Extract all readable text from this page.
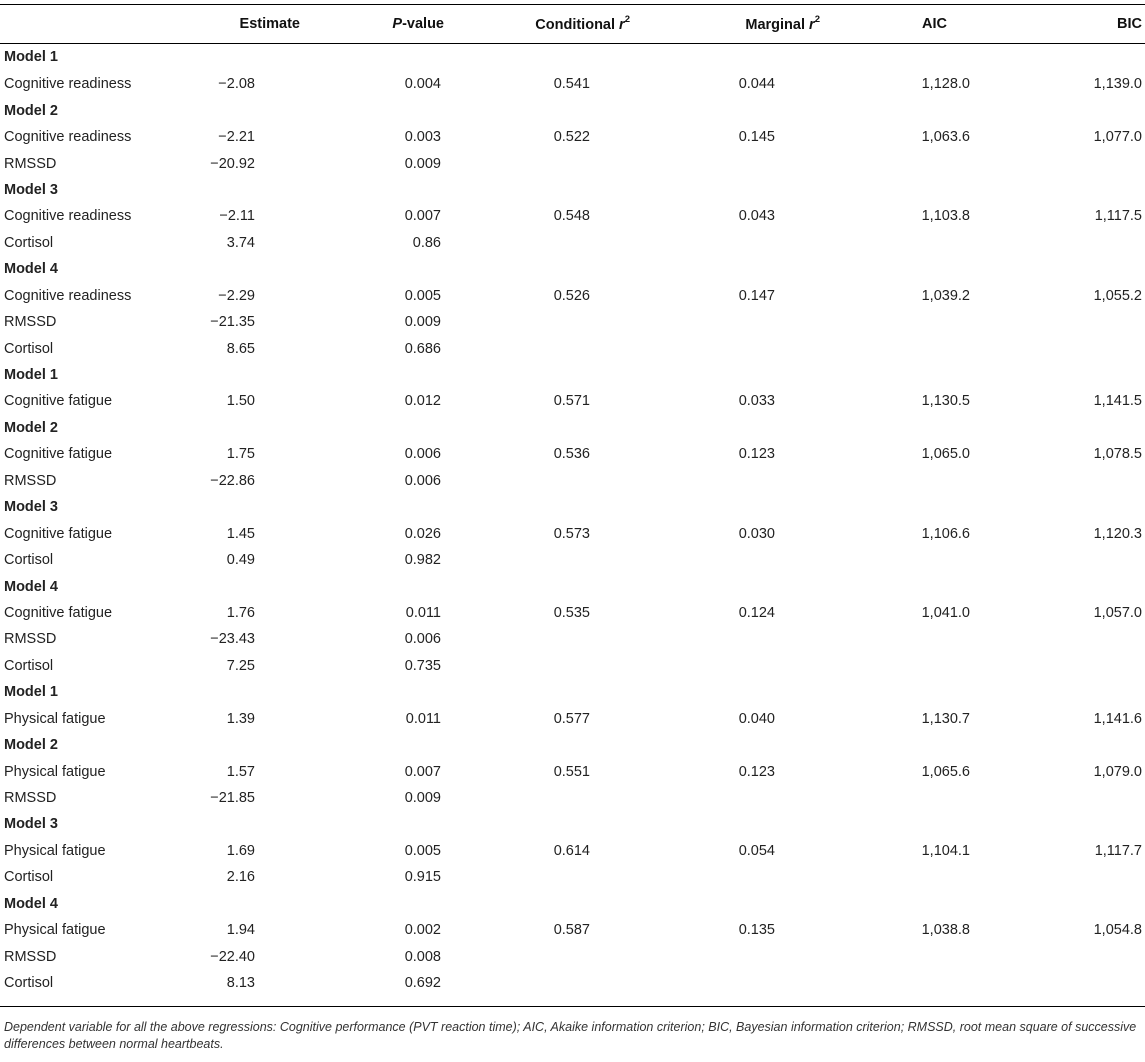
	Estimate	P-value	Conditional $r^2$	Marginal $r^2$	AIC	BIC
Model 1						
Cognitive readiness	−2.08	0.004	0.541	0.044	1,128.0	1,139.0
Model 2						
Cognitive readiness	−2.21	0.003	0.522	0.145	1,063.6	1,077.0
RMSSD	−20.92	0.009				
Model 3						
Cognitive readiness	−2.11	0.007	0.548	0.043	1,103.8	1,117.5
Cortisol	3.74	0.86				
Model 4						
Cognitive readiness	−2.29	0.005	0.526	0.147	1,039.2	1,055.2
RMSSD	−21.35	0.009				
Cortisol	8.65	0.686				
Model 1						
Cognitive fatigue	1.50	0.012	0.571	0.033	1,130.5	1,141.5
Model 2						
Cognitive fatigue	1.75	0.006	0.536	0.123	1,065.0	1,078.5
RMSSD	−22.86	0.006				
Model 3						
Cognitive fatigue	1.45	0.026	0.573	0.030	1,106.6	1,120.3
Cortisol	0.49	0.982				
Model 4						
Cognitive fatigue	1.76	0.011	0.535	0.124	1,041.0	1,057.0
RMSSD	−23.43	0.006				
Cortisol	7.25	0.735				
Model 1						
Physical fatigue	1.39	0.011	0.577	0.040	1,130.7	1,141.6
Model 2						
Physical fatigue	1.57	0.007	0.551	0.123	1,065.6	1,079.0
RMSSD	−21.85	0.009				
Model 3						
Physical fatigue	1.69	0.005	0.614	0.054	1,104.1	1,117.7
Cortisol	2.16	0.915				
Model 4						
Physical fatigue	1.94	0.002	0.587	0.135	1,038.8	1,054.8
RMSSD	−22.40	0.008				
Cortisol	8.13	0.692				
Dependent variable for all the above regressions: Cognitive performance (PVT reaction time); AIC, Akaike information criterion; BIC, Bayesian information criterion; RMSSD, root mean square of successive differences between normal heartbeats.
